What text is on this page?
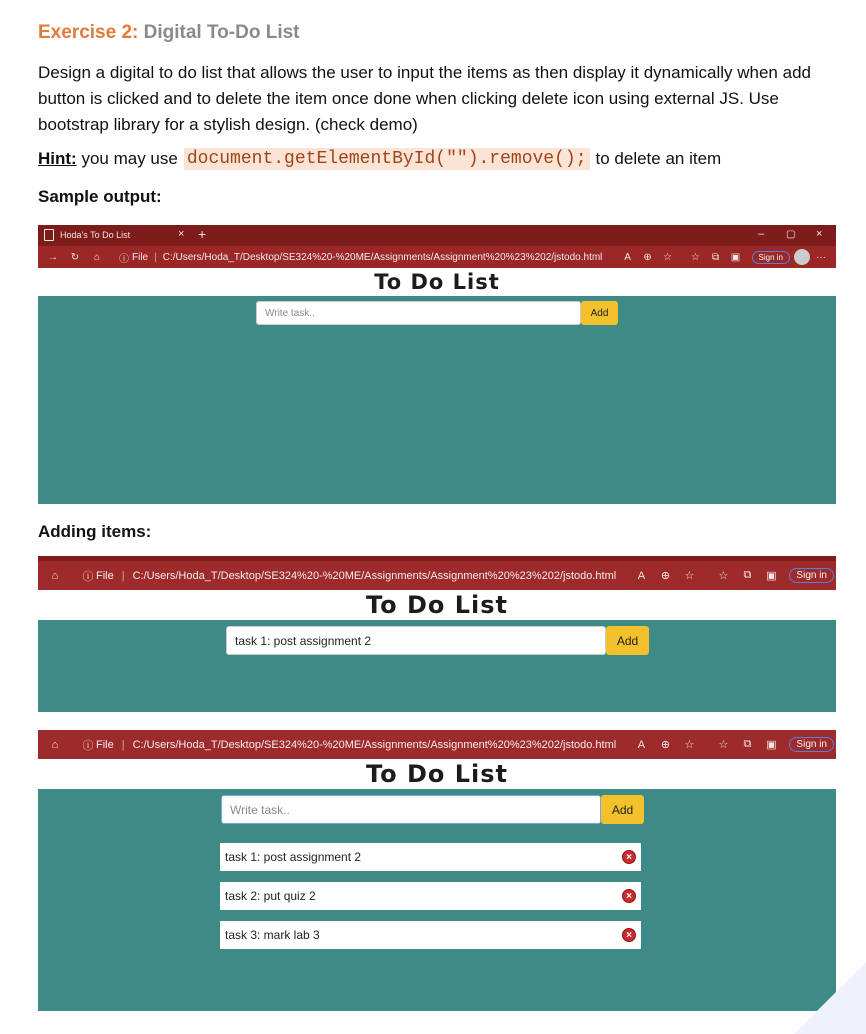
Exercise 2: Digital To-Do List

Design a digital to do list that allows the user to input the items as then display it dynamically when add button is clicked and to delete the item once done when clicking delete icon using external JS. Use bootstrap library for a stylish design. (check demo)

Hint:
you may use document.getElementById("").remove(); to delete an item
Sample output:
Hoda's To Do List	× +	– ▢ ×
→	↻	⌂	ⓘ File | C:/Users/Hoda_T/Desktop/SE324%20-%20ME/Assignments/Assignment%20%23%202/jstodo.html	A	⊕	☆	☆	⧉	▣	Sign in	···
To Do List
Write task..	Add
Adding items:
⌂	ⓘ File | C:/Users/Hoda_T/Desktop/SE324%20-%20ME/Assignments/Assignment%20%23%202/jstodo.html	A	⊕	☆	☆	⧉	▣	Sign in
To Do List
task 1: post assignment 2	Add
⌂	ⓘ File | C:/Users/Hoda_T/Desktop/SE324%20-%20ME/Assignments/Assignment%20%23%202/jstodo.html	A	⊕	☆	☆	⧉	▣	Sign in
To Do List
Write task..	Add
task 1: post assignment 2	×
task 2: put quiz 2	×
task 3: mark lab 3	×
